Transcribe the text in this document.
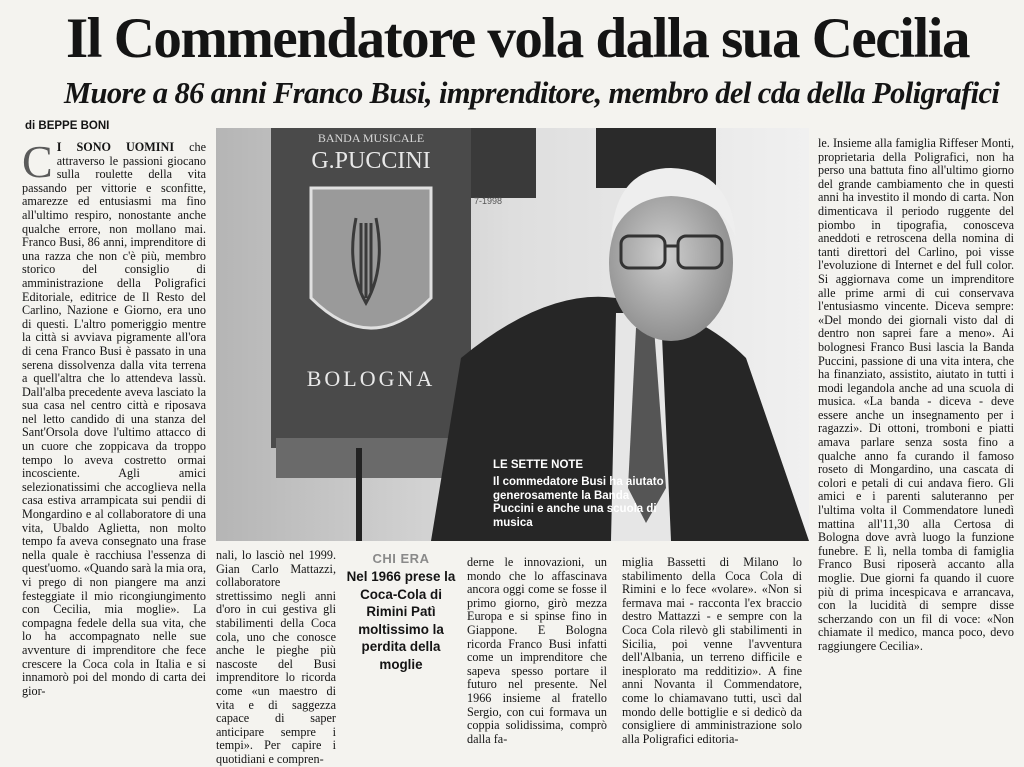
Il Commendatore vola dalla sua Cecilia
Muore a 86 anni Franco Busi, imprenditore, membro del cda della Poligrafici
di BEPPE BONI
C I SONO UOMINI che attraverso le passioni giocano sulla roulette della vita passando per vittorie e sconfitte, amarezze ed entusiasmi ma fino all'ultimo respiro, nonostante anche qualche errore, non mollano mai. Franco Busi, 86 anni, imprenditore di una razza che non c'è più, membro storico del consiglio di amministrazione della Poligrafici Editoriale, editrice de Il Resto del Carlino, Nazione e Giorno, era uno di questi. L'altro pomeriggio mentre la città si avviava pigramente all'ora di cena Franco Busi è passato in una serena dissolvenza dalla vita terrena a quell'altra che lo attendeva lassù. Dall'alba precedente aveva lasciato la sua casa nel centro città e riposava nel letto candido di una stanza del Sant'Orsola dove l'ultimo attacco di un cuore che zoppicava da troppo tempo lo aveva costretto ormai incosciente. Agli amici selezionatissimi che accoglieva nella casa estiva arrampicata sui pendii di Mongardino e al collaboratore di una vita, Ubaldo Aglietta, non molto tempo fa aveva consegnato una frase nella quale è racchiusa l'essenza di quest'uomo. «Quando sarà la mia ora, vi prego di non piangere ma anzi festeggiate il mio ricongiungimento con Cecilia, mia moglie». La compagna fedele della sua vita, che lo ha accompagnato nelle sue avventure di imprenditore che fece crescere la Coca cola in Italia e si innamorò poi del mondo di carta dei gior-
BANDA MUSICALE
G.PUCCINI
BOLOGNA
7-1998
LE SETTE NOTE
Il commedatore Busi ha aiutato generosamente la Banda Puccini e anche una scuola di musica
nali, lo lasciò nel 1999. Gian Carlo Mattazzi, collaboratore strettissimo negli anni d'oro in cui gestiva gli stabilimenti della Coca cola, uno che conosce anche le pieghe più nascoste del Busi imprenditore lo ricorda come «un maestro di vita e di saggezza capace di saper anticipare sempre i tempi». Per capire i quotidiani e compren-
CHI ERA
Nel 1966 prese la Coca-Cola di Rimini Patì moltissimo la perdita della moglie
derne le innovazioni, un mondo che lo affascinava ancora oggi come se fosse il primo giorno, girò mezza Europa e si spinse fino in Giappone. E Bologna ricorda Franco Busi infatti come un imprenditore che sapeva spesso portare il futuro nel presente. Nel 1966 insieme al fratello Sergio, con cui formava un coppia solidissima, comprò dalla fa-
miglia Bassetti di Milano lo stabilimento della Coca Cola di Rimini e lo fece «volare». «Non si fermava mai - racconta l'ex braccio destro Mattazzi - e sempre con la Coca Cola rilevò gli stabilimenti in Sicilia, poi venne l'avventura dell'Albania, un terreno difficile e inesplorato ma redditizio». A fine anni Novanta il Commendatore, come lo chiamavano tutti, uscì dal mondo delle bottiglie e si dedicò da consigliere di amministrazione solo alla Poligrafici editoria-
le. Insieme alla famiglia Riffeser Monti, proprietaria della Poligrafici, non ha perso una battuta fino all'ultimo giorno del grande cambiamento che in questi anni ha investito il mondo di carta. Non dimenticava il periodo ruggente del piombo in tipografia, conosceva aneddoti e retroscena della nomina di tanti direttori del Carlino, poi visse l'evoluzione di Internet e del full color. Si aggiornava come un imprenditore alle prime armi di cui conservava l'entusiasmo vincente. Diceva sempre: «Del mondo dei giornali visto dal di dentro non saprei fare a meno». Ai bolognesi Franco Busi lascia la Banda Puccini, passione di una vita intera, che ha finanziato, assistito, aiutato in tutti i modi legandola anche ad una scuola di musica. «La banda - diceva - deve essere anche un insegnamento per i ragazzi». Di ottoni, tromboni e piatti amava parlare senza sosta fino a qualche anno fa curando il famoso roseto di Mongardino, una cascata di colori e petali di cui andava fiero. Gli amici e i parenti saluteranno per l'ultima volta il Commendatore lunedì mattina all'11,30 alla Certosa di Bologna dove avrà luogo la funzione funebre. E lì, nella tomba di famiglia Franco Busi riposerà accanto alla moglie. Due giorni fa quando il cuore più di prima incespicava e arrancava, con la lucidità di sempre disse scherzando con un fil di voce: «Non chiamate il medico, manca poco, devo raggiungere Cecilia».
